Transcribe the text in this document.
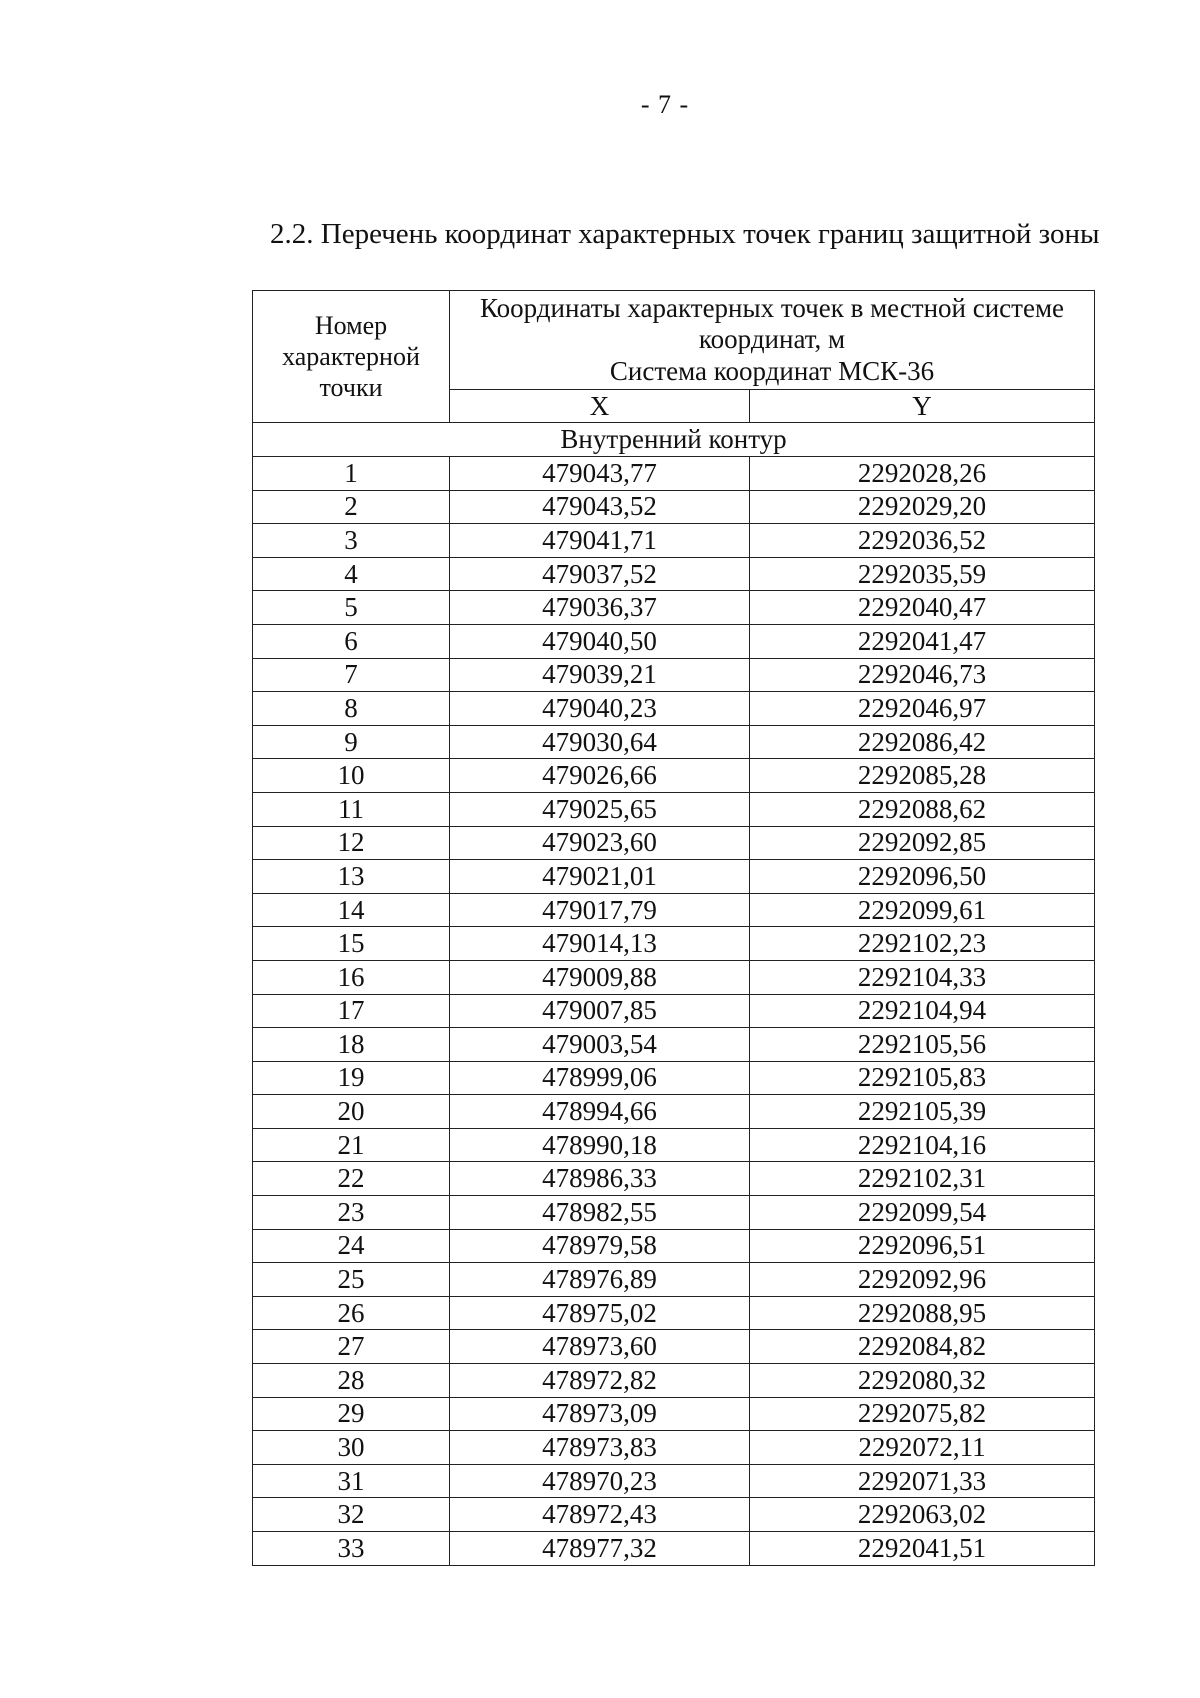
- 7 -
2.2. Перечень координат характерных точек границ защитной зоны
Номер характерной точки	Координаты характерных точек в местной системе координат, м
Система координат МСК-36	
	X	Y
Внутренний контур		
1	479043,77	2292028,26
2	479043,52	2292029,20
3	479041,71	2292036,52
4	479037,52	2292035,59
5	479036,37	2292040,47
6	479040,50	2292041,47
7	479039,21	2292046,73
8	479040,23	2292046,97
9	479030,64	2292086,42
10	479026,66	2292085,28
11	479025,65	2292088,62
12	479023,60	2292092,85
13	479021,01	2292096,50
14	479017,79	2292099,61
15	479014,13	2292102,23
16	479009,88	2292104,33
17	479007,85	2292104,94
18	479003,54	2292105,56
19	478999,06	2292105,83
20	478994,66	2292105,39
21	478990,18	2292104,16
22	478986,33	2292102,31
23	478982,55	2292099,54
24	478979,58	2292096,51
25	478976,89	2292092,96
26	478975,02	2292088,95
27	478973,60	2292084,82
28	478972,82	2292080,32
29	478973,09	2292075,82
30	478973,83	2292072,11
31	478970,23	2292071,33
32	478972,43	2292063,02
33	478977,32	2292041,51
